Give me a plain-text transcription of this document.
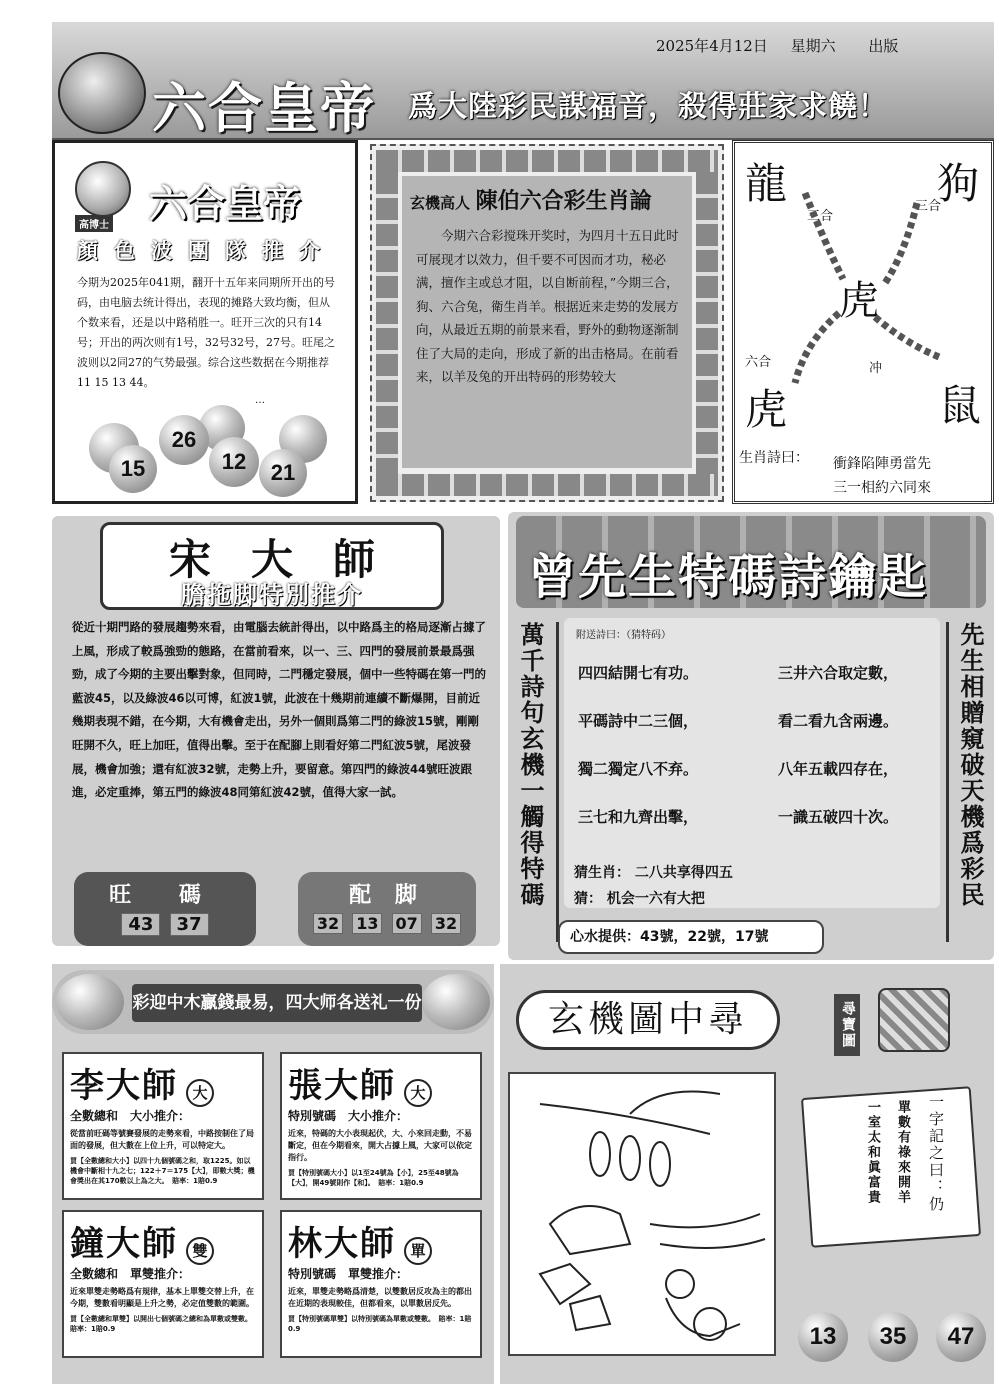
2025年4月12日 星期六 出版
六合皇帝 爲大陸彩民謀福音，殺得莊家求饒！
高博士 六合皇帝
顏色波團隊推介
今期为2025年041期，翻开十五年来同期所开出的号码，由电脑去统计得出，表现的摊路大致均衡，但从个数来看，还是以中路稍胜一。旺开三次的只有14号；开出的两次则有1号，32号32号，27号。旺尾之波则以2同27的气势最强。综合这些数据在今期推荐11 15 13 44。
…
15
26
12	21
玄機高人 陳伯六合彩生肖論
今期六合彩搅珠开奖时，为四月十五日此时可展现才以效力，但千要不可因而才功，秘必满，擅作主或总才阻，以自断前程，”今期三合，狗、六合兔，衛生肖羊。根据近来走势的发展方向，从最近五期的前景来看，野外的動物逐渐制住了大局的走向，形成了新的出击格局。在前看来，以羊及兔的开出特码的形势较大
龍	狗
虎
虎	鼠
三合
三合
六合	冲
生肖詩曰： 衝鋒陷陣勇當先
三一相約六同來
宋大師
膽拖脚特別推介
從近十期門路的發展趨勢來看，由電腦去統計得出，以中路爲主的格局逐漸占據了上風，形成了較爲強勁的態路，在當前看來，以一、三、四門的發展前景最爲强勁，成了今期的主要出擊對象，但同時，二門穩定發展，個中一些特碼在第一門的藍波45，以及綠波46以可博，紅波1號，此波在十幾期前連續不斷爆開，目前近幾期表現不錯，在今期，大有機會走出，另外一個則爲第二門的綠波15號，剛剛旺開不久，旺上加旺，值得出擊。至于在配腳上則看好第二門紅波5號，尾波發展，機會加強；還有紅波32號，走勢上升，要留意。第四門的綠波44號旺波跟進，必定重捧，第五門的綠波48同第紅波42號，值得大家一試。
旺 碼
43 37
配 脚
32 13 07 32
曾先生特碼詩鑰匙
萬千詩句玄機一觸得特碼	先生相贈窺破天機爲彩民
附送詩曰：（猜特码）
四四結開七有功。	三井六合取定數，
平碼詩中二三個，	看二看九含兩邊。
獨二獨定八不弃。	八年五載四存在，
三七和九齊出擊，	一識五破四十次。
猜生肖： 二八共享得四五
猜： 机会一六有大把
心水提供：43號，22號，17號
彩迎中木贏錢最易，四大师各送礼一份
李大師 大
全數總和　大小推介：
從當前旺碼等號賽發展的走勢來看，中路按制住了局面的發展，但大數在上位上升，可以特定大。
買【全數總和大小】以四十九個號碼之和，取1225。如以機會中斷相十九之七；122＋7＝175【大】，即數大獎；機會獎出在其170數以上為之大。　賠率：1賠0.9
張大師 大
特別號碼　大小推介：
近來，特碼的大小表現起伏，大、小來回走動，不易斷定，但在今期看來，開大占據上風，大家可以依定指行。
買【特別號碼大小】以1至24號為【小】，25至48號為【大】，開49號則作【和】。　賠率：1賠0.9
鐘大師 雙
全數總和　單雙推介：
近來單雙走勢略爲有規律，基本上單雙交替上升，在今期，雙數看明顯是上升之勢，必定值雙數的範圍。
買【全數總和單雙】以開出七個號碼之總和為單數或雙數。　賠率：1賠0.9
林大師 單
特別號碼　單雙推介：
近來，單雙走勢略爲清楚，以雙數居反攻為主的都出在近期的表現較佳，但都看來，以單數居反先。
買【特別號碼單雙】以特別號碼為單數或雙數。　賠率：1賠0.9
玄機圖中尋	尋寶圖
單數有祿來開羊
一室太和眞富貴	一字記之曰：仍
13	35	47
